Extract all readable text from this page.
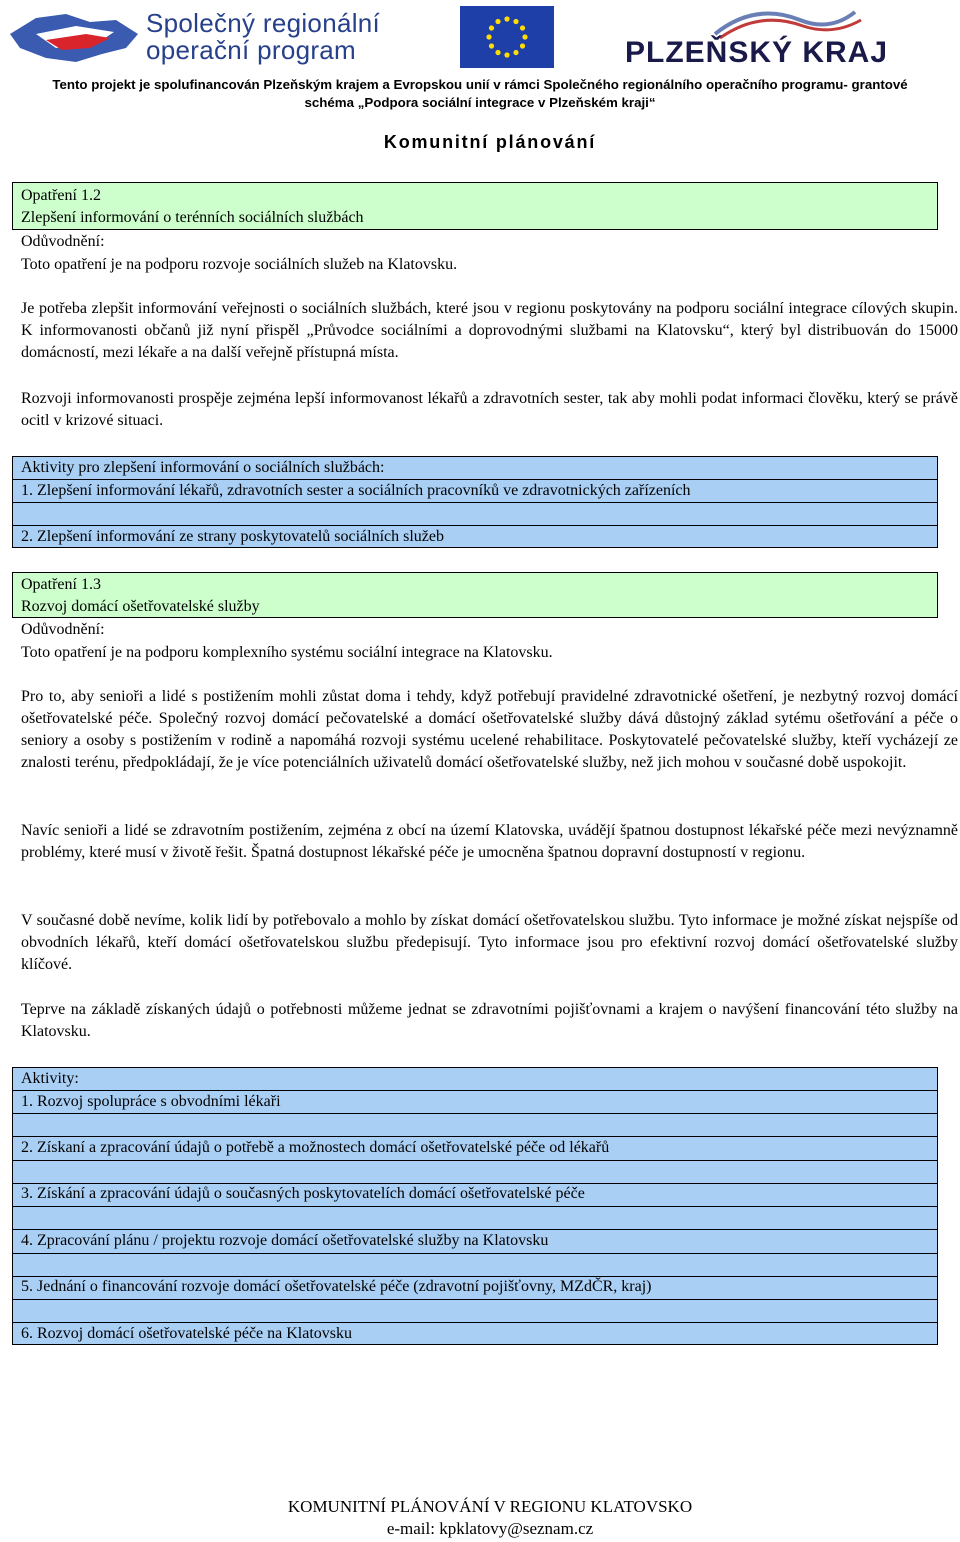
Společný regionální
operační program	PLZEŇSKÝ KRAJ
Tento projekt je spolufinancován Plzeňským krajem a Evropskou unií v rámci Společného regionálního operačního programu- grantové
schéma „Podpora sociální integrace v Plzeňském kraji“
Komunitní plánování
Opatření 1.2
Zlepšení informování o terénních sociálních službách
Odůvodnění:
Toto opatření je na podporu rozvoje sociálních služeb na Klatovsku.
Je potřeba zlepšit informování veřejnosti o sociálních službách, které jsou v regionu poskytovány na podporu sociální integrace cílových skupin. K informovanosti občanů již nyní přispěl „Průvodce sociálními a doprovodnými službami na Klatovsku“, který byl distribuován do 15000 domácností, mezi lékaře a na další veřejně přístupná místa.
Rozvoji informovanosti prospěje zejména lepší informovanost lékařů a zdravotních sester, tak aby mohli podat informaci člověku, který se právě ocitl v krizové situaci.
Aktivity pro zlepšení informování o sociálních službách:
1. Zlepšení informování lékařů, zdravotních sester a sociálních pracovníků ve zdravotnických zařízeních
2. Zlepšení informování ze strany poskytovatelů sociálních služeb
Opatření 1.3
Rozvoj domácí ošetřovatelské služby
Odůvodnění:
Toto opatření je na podporu komplexního systému sociální integrace na Klatovsku.
Pro to, aby senioři a lidé s postižením mohli zůstat doma i tehdy, když potřebují pravidelné zdravotnické ošetření, je nezbytný rozvoj domácí ošetřovatelské péče. Společný rozvoj domácí pečovatelské a domácí ošetřovatelské služby dává důstojný základ sytému ošetřování a péče o seniory a osoby s postižením v rodině a napomáhá rozvoji systému ucelené rehabilitace. Poskytovatelé pečovatelské služby, kteří vycházejí ze znalosti terénu, předpokládají, že je více potenciálních uživatelů domácí ošetřovatelské služby, než jich mohou v současné době uspokojit.
Navíc senioři a lidé se zdravotním postižením, zejména z obcí na území Klatovska, uvádějí špatnou dostupnost lékařské péče mezi nevýznamně problémy, které musí v životě řešit. Špatná dostupnost lékařské péče je umocněna špatnou dopravní dostupností v regionu.
V současné době nevíme, kolik lidí by potřebovalo a mohlo by získat domácí ošetřovatelskou službu. Tyto informace je možné získat nejspíše od obvodních lékařů, kteří domácí ošetřovatelskou službu předepisují. Tyto informace jsou pro efektivní rozvoj domácí ošetřovatelské služby klíčové.
Teprve na základě získaných údajů o potřebnosti můžeme jednat se zdravotními pojišťovnami a krajem o navýšení financování této služby na Klatovsku.
Aktivity:
1. Rozvoj spolupráce s obvodními lékaři
2. Získaní a zpracování údajů o potřebě a možnostech domácí ošetřovatelské péče od lékařů
3. Získání a zpracování údajů o současných poskytovatelích domácí ošetřovatelské péče
4. Zpracování plánu / projektu rozvoje domácí ošetřovatelské služby na Klatovsku
5. Jednání o financování rozvoje domácí ošetřovatelské péče (zdravotní pojišťovny, MZdČR, kraj)
6. Rozvoj domácí ošetřovatelské péče na Klatovsku
KOMUNITNÍ PLÁNOVÁNÍ V REGIONU KLATOVSKO
e-mail: kpklatovy@seznam.cz
